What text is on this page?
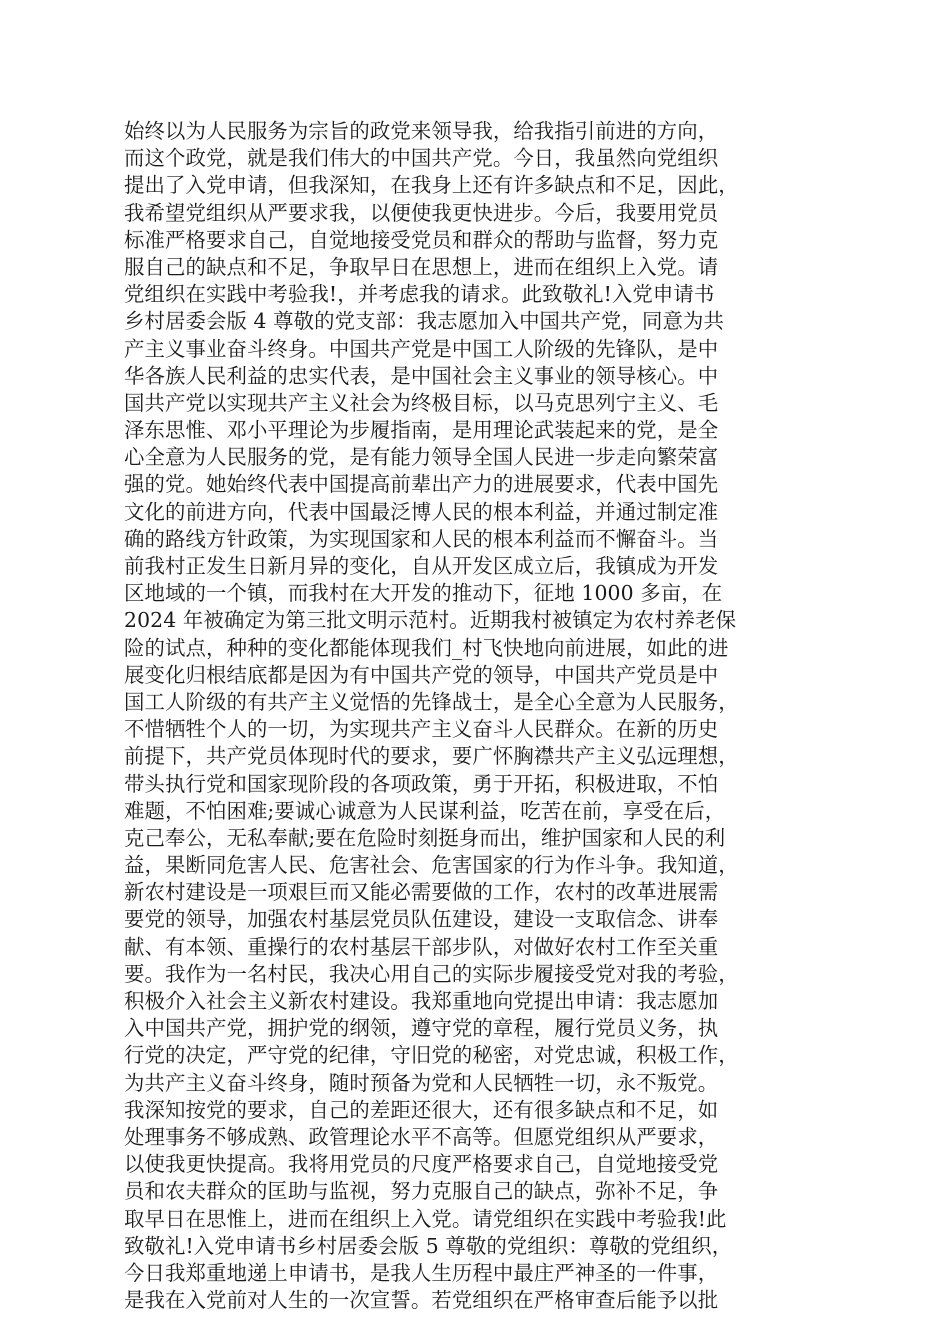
始终以为人民服务为宗旨的政党来领导我，给我指引前进的方向，
而这个政党，就是我们伟大的中国共产党。今日，我虽然向党组织
提出了入党申请，但我深知，在我身上还有许多缺点和不足，因此，
我希望党组织从严要求我，以便使我更快进步。今后，我要用党员
标准严格要求自己，自觉地接受党员和群众的帮助与监督，努力克
服自己的缺点和不足，争取早日在思想上，进而在组织上入党。请
党组织在实践中考验我!，并考虑我的请求。此致敬礼!入党申请书
乡村居委会版 4 尊敬的党支部：我志愿加入中国共产党，同意为共
产主义事业奋斗终身。中国共产党是中国工人阶级的先锋队，是中
华各族人民利益的忠实代表，是中国社会主义事业的领导核心。中
国共产党以实现共产主义社会为终极目标，以马克思列宁主义、毛
泽东思惟、邓小平理论为步履指南，是用理论武装起来的党，是全
心全意为人民服务的党，是有能力领导全国人民进一步走向繁荣富
强的党。她始终代表中国提高前辈出产力的进展要求，代表中国先
文化的前进方向，代表中国最泛博人民的根本利益，并通过制定准
确的路线方针政策，为实现国家和人民的根本利益而不懈奋斗。当
前我村正发生日新月异的变化，自从开发区成立后，我镇成为开发
区地域的一个镇，而我村在大开发的推动下，征地 1000 多亩，在
2024 年被确定为第三批文明示范村。近期我村被镇定为农村养老保
险的试点，种种的变化都能体现我们_村飞快地向前进展，如此的进
展变化归根结底都是因为有中国共产党的领导，中国共产党员是中
国工人阶级的有共产主义觉悟的先锋战士，是全心全意为人民服务，
不惜牺牲个人的一切，为实现共产主义奋斗人民群众。在新的历史
前提下，共产党员体现时代的要求，要广怀胸襟共产主义弘远理想，
带头执行党和国家现阶段的各项政策，勇于开拓，积极进取，不怕
难题，不怕困难;要诚心诚意为人民谋利益，吃苦在前，享受在后，
克己奉公，无私奉献;要在危险时刻挺身而出，维护国家和人民的利
益，果断同危害人民、危害社会、危害国家的行为作斗争。我知道，
新农村建设是一项艰巨而又能必需要做的工作，农村的改革进展需
要党的领导，加强农村基层党员队伍建设，建设一支取信念、讲奉
献、有本领、重操行的农村基层干部步队，对做好农村工作至关重
要。我作为一名村民，我决心用自己的实际步履接受党对我的考验，
积极介入社会主义新农村建设。我郑重地向党提出申请：我志愿加
入中国共产党，拥护党的纲领，遵守党的章程，履行党员义务，执
行党的决定，严守党的纪律，守旧党的秘密，对党忠诚，积极工作，
为共产主义奋斗终身，随时预备为党和人民牺牲一切，永不叛党。
我深知按党的要求，自己的差距还很大，还有很多缺点和不足，如
处理事务不够成熟、政管理论水平不高等。但愿党组织从严要求，
以使我更快提高。我将用党员的尺度严格要求自己，自觉地接受党
员和农夫群众的匡助与监视，努力克服自己的缺点，弥补不足，争
取早日在思惟上，进而在组织上入党。请党组织在实践中考验我!此
致敬礼!入党申请书乡村居委会版 5 尊敬的党组织：尊敬的党组织，
今日我郑重地递上申请书，是我人生历程中最庄严神圣的一件事，
是我在入党前对人生的一次宣誓。若党组织在严格审查后能予以批
